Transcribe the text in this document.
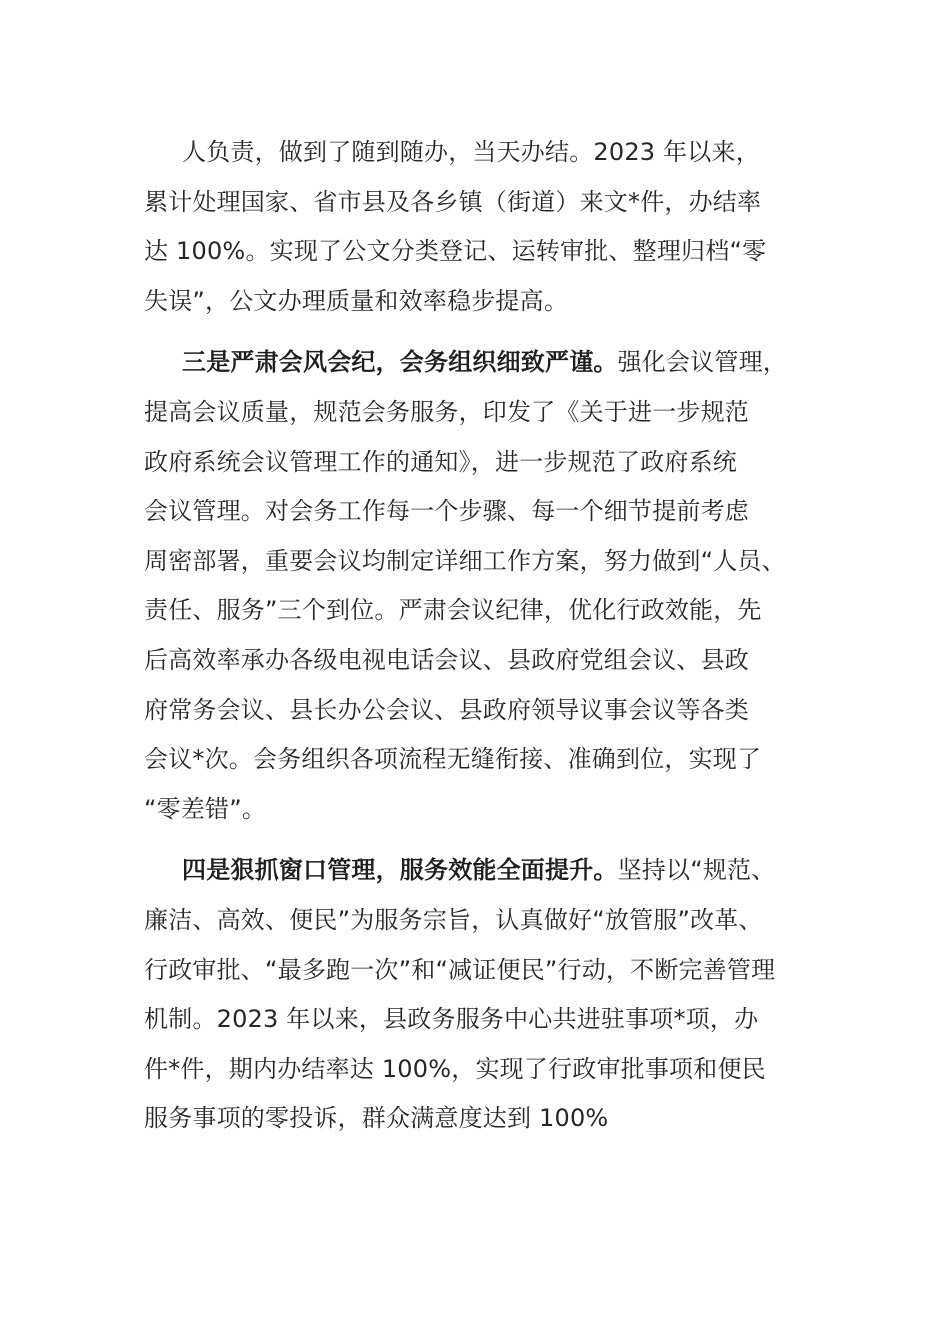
人负责，做到了随到随办，当天办结。2023 年以来，
累计处理国家、省市县及各乡镇（街道）来文*件，办结率
达 100%。实现了公文分类登记、运转审批、整理归档“零
失误”，公文办理质量和效率稳步提高。
三是严肃会风会纪，会务组织细致严谨。强化会议管理，
提高会议质量，规范会务服务，印发了《关于进一步规范
政府系统会议管理工作的通知》，进一步规范了政府系统
会议管理。对会务工作每一个步骤、每一个细节提前考虑
周密部署，重要会议均制定详细工作方案，努力做到“人员、
责任、服务”三个到位。严肃会议纪律，优化行政效能，先
后高效率承办各级电视电话会议、县政府党组会议、县政
府常务会议、县长办公会议、县政府领导议事会议等各类
会议*次。会务组织各项流程无缝衔接、准确到位，实现了
“零差错”。
四是狠抓窗口管理，服务效能全面提升。坚持以“规范、
廉洁、高效、便民”为服务宗旨，认真做好“放管服”改革、
行政审批、“最多跑一次”和“减证便民”行动，不断完善管理
机制。2023 年以来，县政务服务中心共进驻事项*项，办
件*件，期内办结率达 100%，实现了行政审批事项和便民
服务事项的零投诉，群众满意度达到 100%
